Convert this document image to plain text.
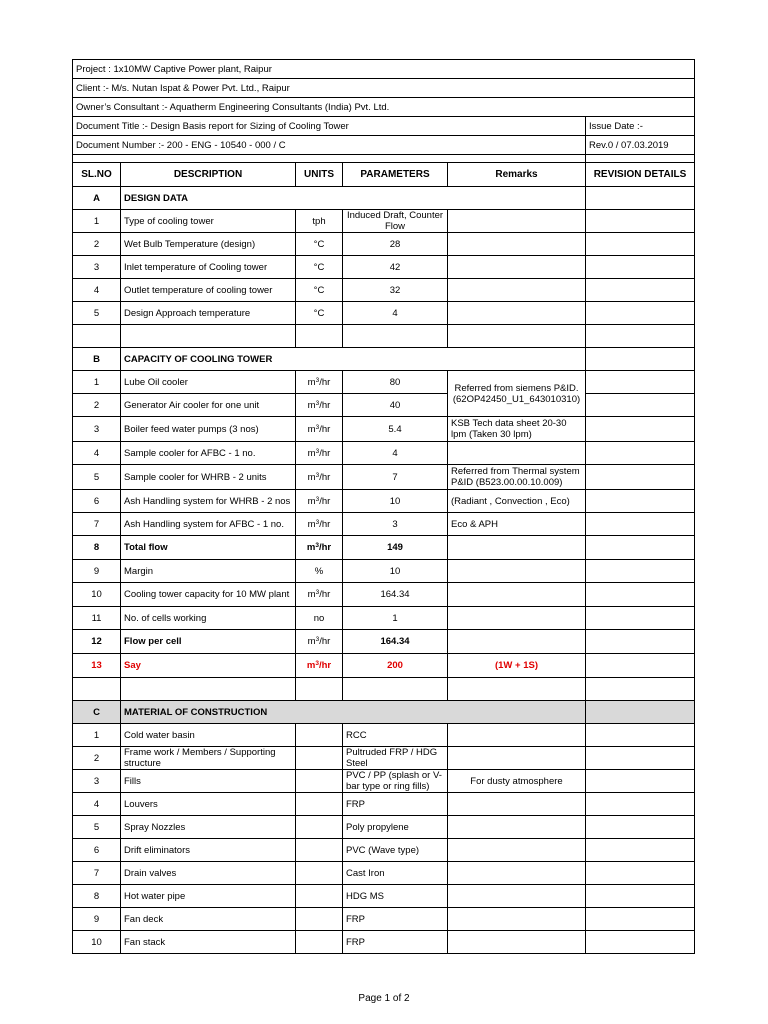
Project : 1x10MW Captive Power plant, Raipur					
Client :- M/s. Nutan Ispat & Power Pvt. Ltd., Raipur					
Owner’s Consultant :- Aquatherm Engineering Consultants (India) Pvt. Ltd.					
Document Title :- Design Basis report for Sizing of Cooling Tower					Issue Date :-
Document Number :- 200 - ENG - 10540 - 000 / C					Rev.0 / 07.03.2019

SL.NO	DESCRIPTION	UNITS	PARAMETERS	Remarks	REVISION DETAILS
A	DESIGN DATA				
1	Type of cooling tower	tph	Induced Draft, Counter Flow		
2	Wet Bulb Temperature (design)	°C	28		
3	Inlet temperature of Cooling tower	°C	42		
4	Outlet temperature of cooling tower	°C	32		
5	Design Approach temperature	°C	4		

B	CAPACITY OF COOLING TOWER				
1	Lube Oil cooler	$m^3/hr$	80	Referred from siemens P&ID. (62OP42450_U1_643010310)	
2	Generator Air cooler for one unit	$m^3/hr$	40		
3	Boiler feed water pumps (3 nos)	$m^3/hr$	5.4	KSB Tech data sheet 20-30 lpm (Taken 30 lpm)	
4	Sample cooler for AFBC - 1 no.	$m^3/hr$	4		
5	Sample cooler for WHRB - 2 units	$m^3/hr$	7	Referred from Thermal system P&ID (B523.00.00.10.009)	
6	Ash Handling system for WHRB - 2 nos	$m^3/hr$	10	(Radiant , Convection , Eco)	
7	Ash Handling system for AFBC - 1 no.	$m^3/hr$	3	Eco & APH	
8	Total flow	$m^3/hr$	149		
9	Margin	%	10		
10	Cooling tower capacity for 10 MW plant	$m^3/hr$	164.34		
11	No. of cells working	no	1		
12	Flow per cell	$m^3/hr$	164.34		
13	Say	$m^3/hr$	200	(1W + 1S)	

C	MATERIAL OF CONSTRUCTION				
1	Cold water basin		RCC		
2	Frame work / Members / Supporting structure		Pultruded FRP / HDG Steel		
3	Fills		PVC / PP (splash or V-bar type or ring fills)	For dusty atmosphere	
4	Louvers		FRP		
5	Spray Nozzles		Poly propylene		
6	Drift eliminators		PVC (Wave type)		
7	Drain valves		Cast Iron		
8	Hot water pipe		HDG MS		
9	Fan deck		FRP		
10	Fan stack		FRP		
Page 1 of 2
